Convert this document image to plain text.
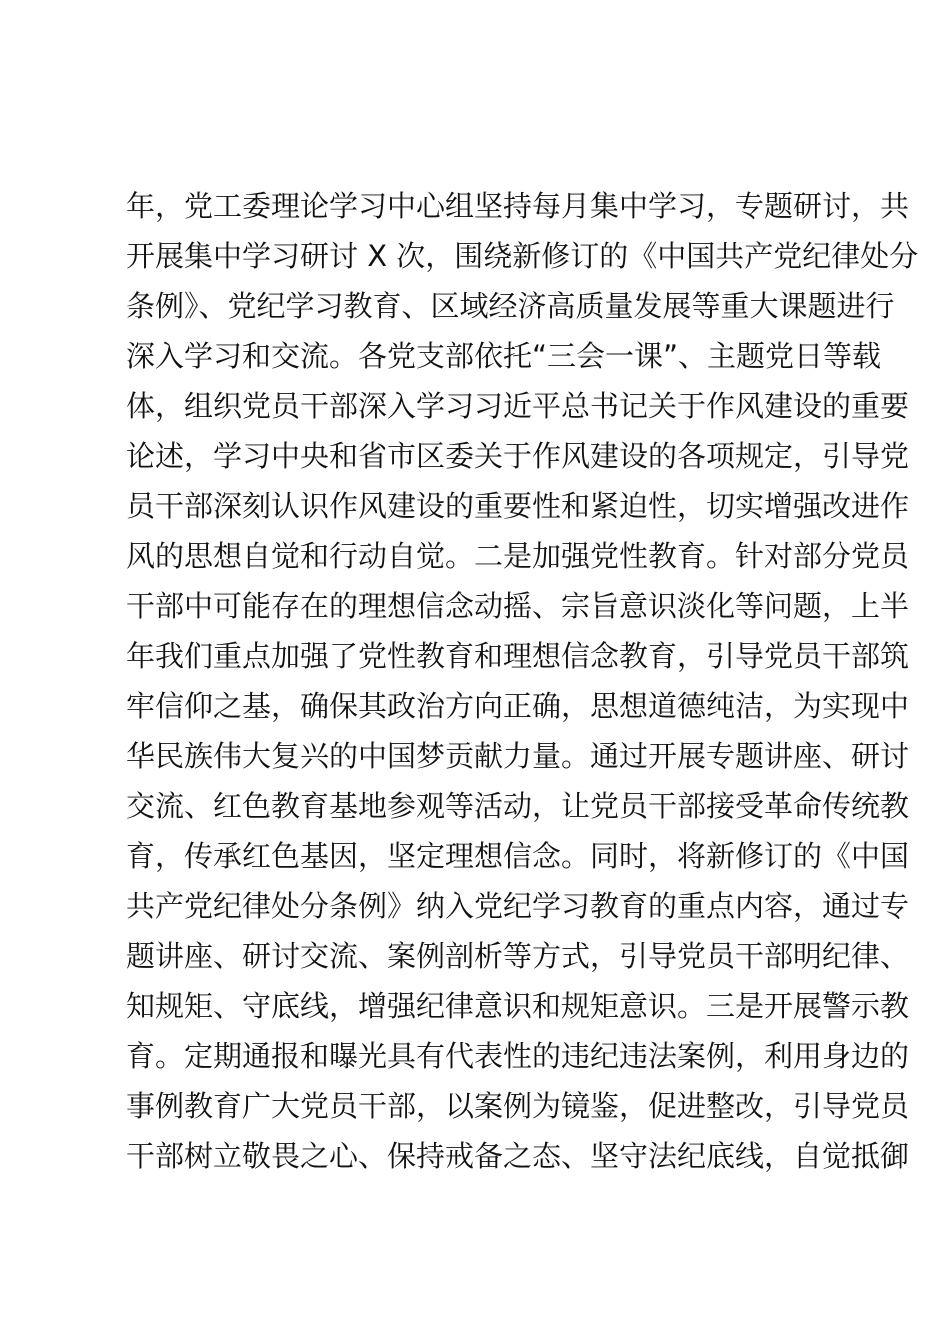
年，党工委理论学习中心组坚持每月集中学习，专题研讨，共
开展集中学习研讨 X 次，围绕新修订的《中国共产党纪律处分
条例》、党纪学习教育、区域经济高质量发展等重大课题进行
深入学习和交流。各党支部依托“三会一课”、主题党日等载
体，组织党员干部深入学习习近平总书记关于作风建设的重要
论述，学习中央和省市区委关于作风建设的各项规定，引导党
员干部深刻认识作风建设的重要性和紧迫性，切实增强改进作
风的思想自觉和行动自觉。二是加强党性教育。针对部分党员
干部中可能存在的理想信念动摇、宗旨意识淡化等问题，上半
年我们重点加强了党性教育和理想信念教育，引导党员干部筑
牢信仰之基，确保其政治方向正确，思想道德纯洁，为实现中
华民族伟大复兴的中国梦贡献力量。通过开展专题讲座、研讨
交流、红色教育基地参观等活动，让党员干部接受革命传统教
育，传承红色基因，坚定理想信念。同时，将新修订的《中国
共产党纪律处分条例》纳入党纪学习教育的重点内容，通过专
题讲座、研讨交流、案例剖析等方式，引导党员干部明纪律、
知规矩、守底线，增强纪律意识和规矩意识。三是开展警示教
育。定期通报和曝光具有代表性的违纪违法案例，利用身边的
事例教育广大党员干部，以案例为镜鉴，促进整改，引导党员
干部树立敬畏之心、保持戒备之态、坚守法纪底线，自觉抵御
